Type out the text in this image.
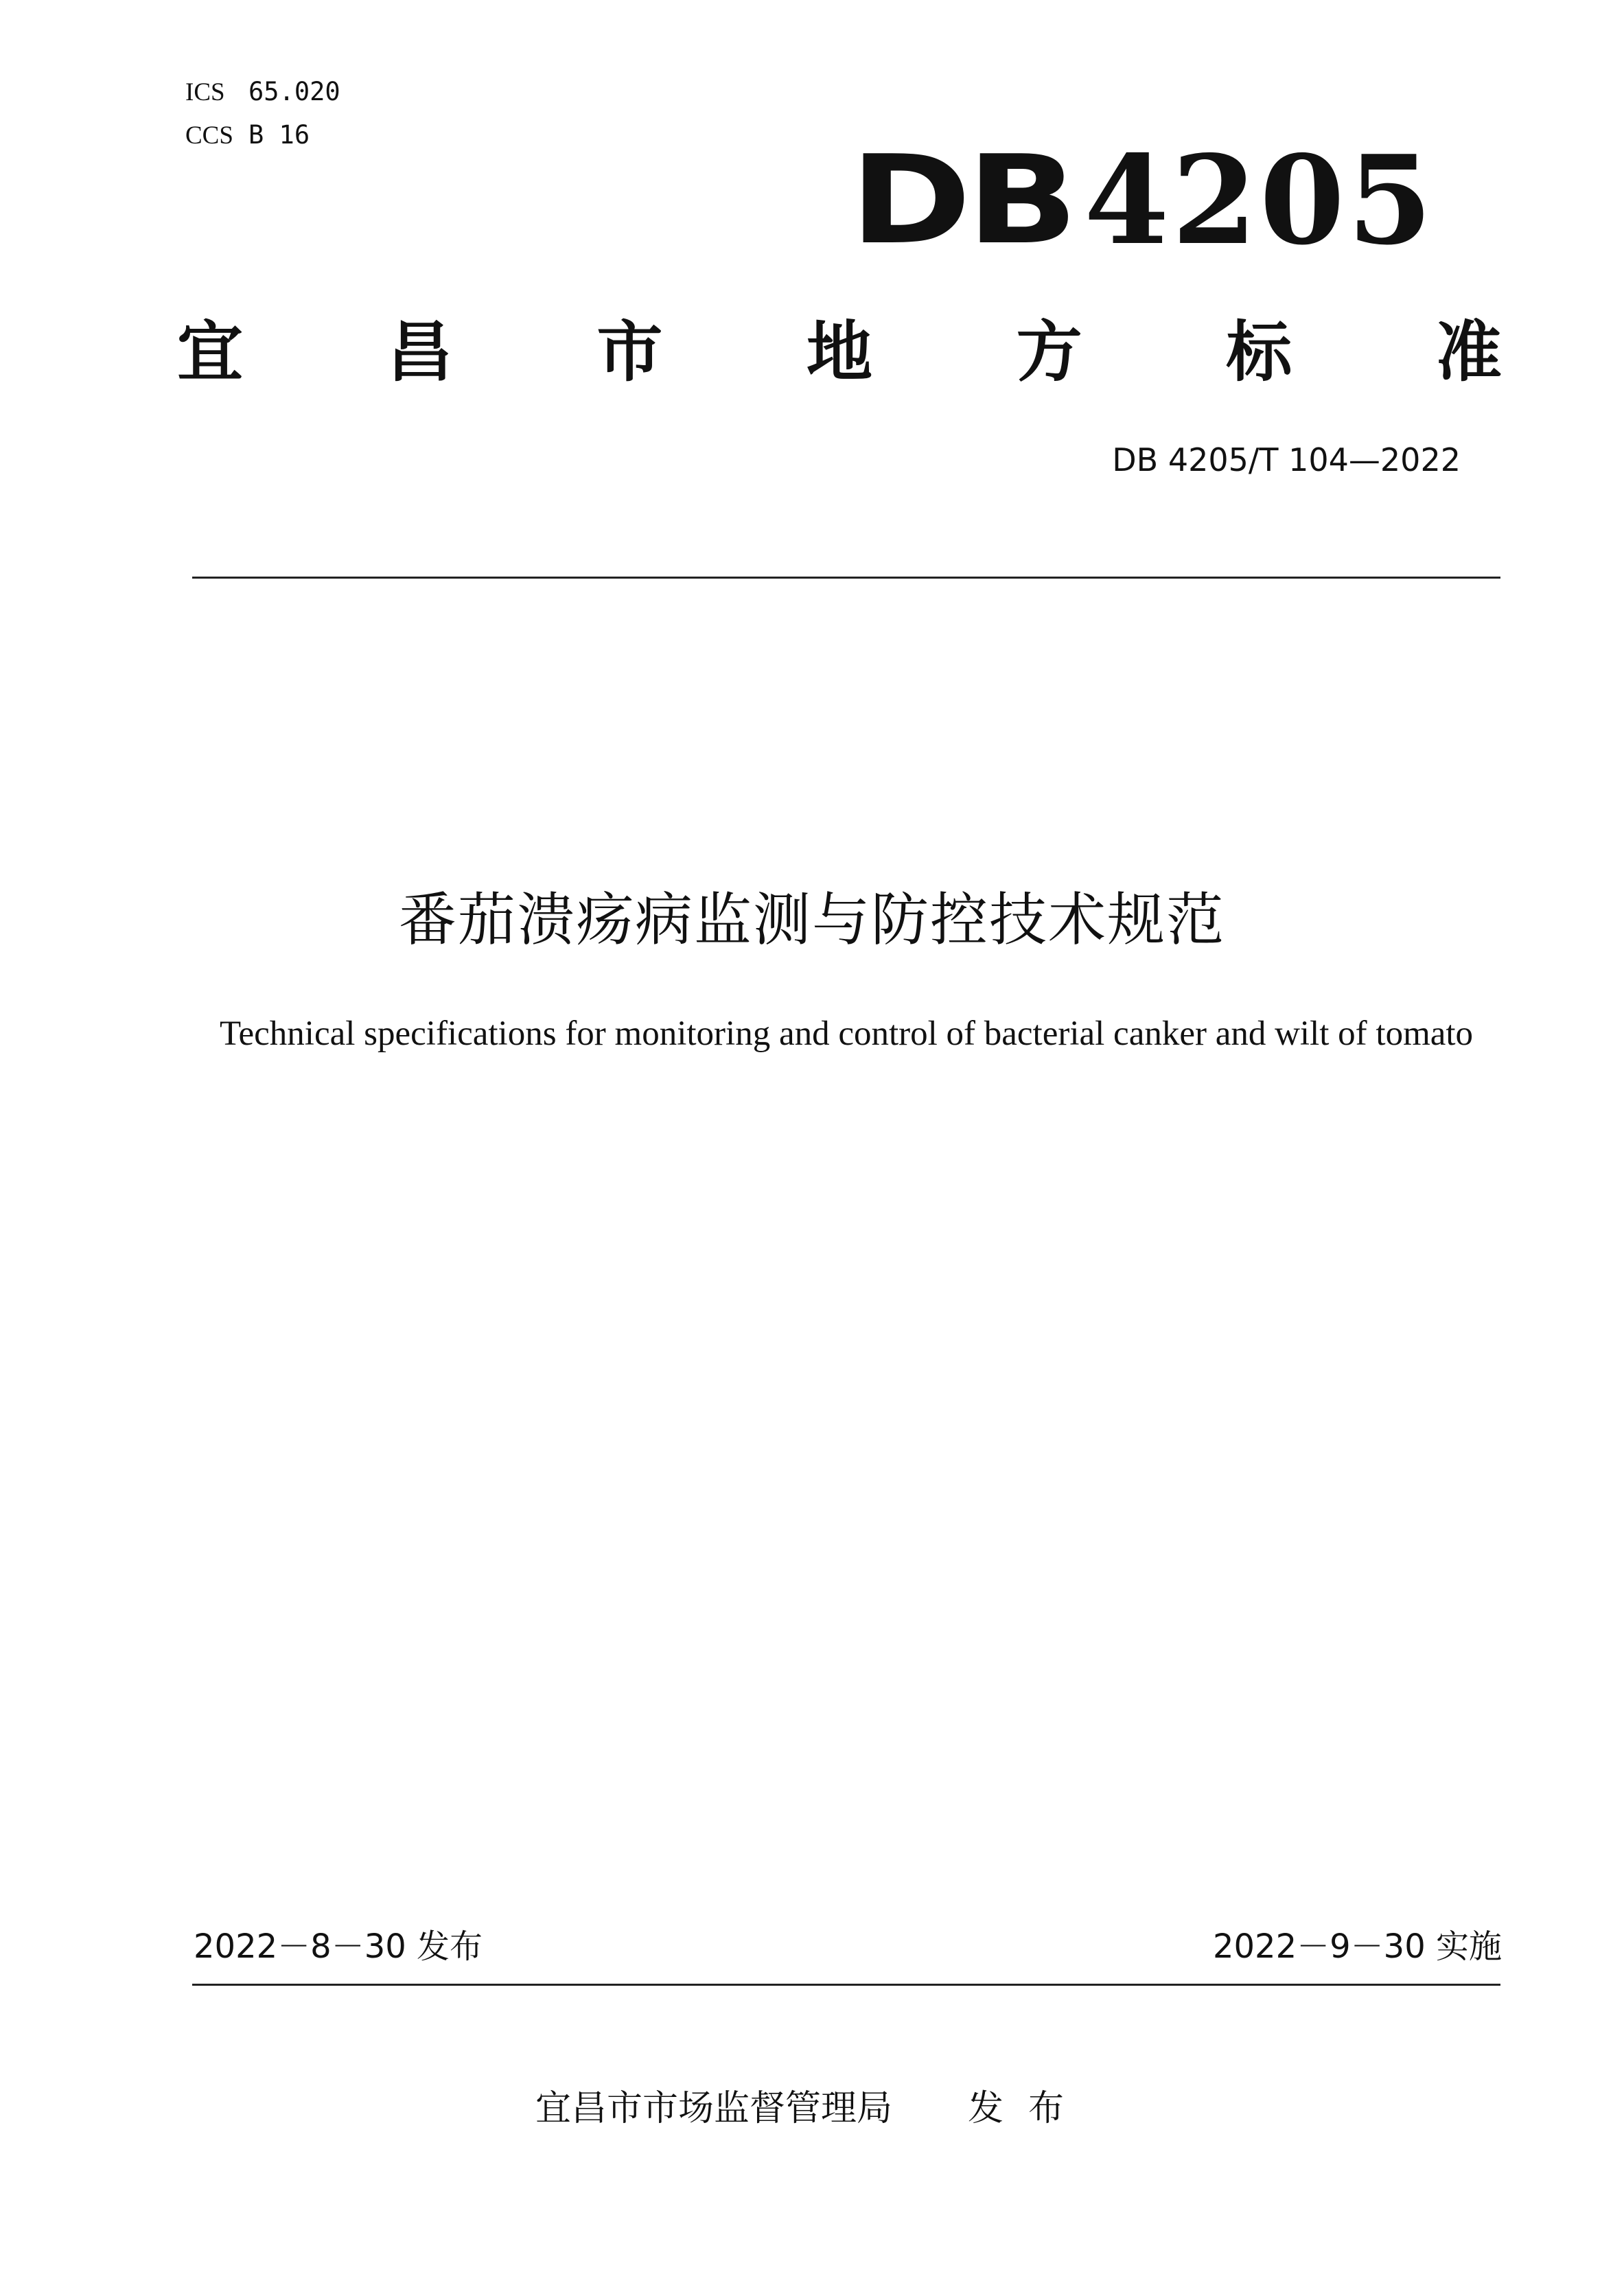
ICS 65.020
CCS B 16	DB 4205
宜 昌 市 地 方 标 准
DB 4205/T 104—2022
番茄溃疡病监测与防控技术规范
Technical specifications for monitoring and control of bacterial canker and wilt of tomato
2022－8－30 发布	2022－9－30 实施
宜昌市市场监督管理局 发布
